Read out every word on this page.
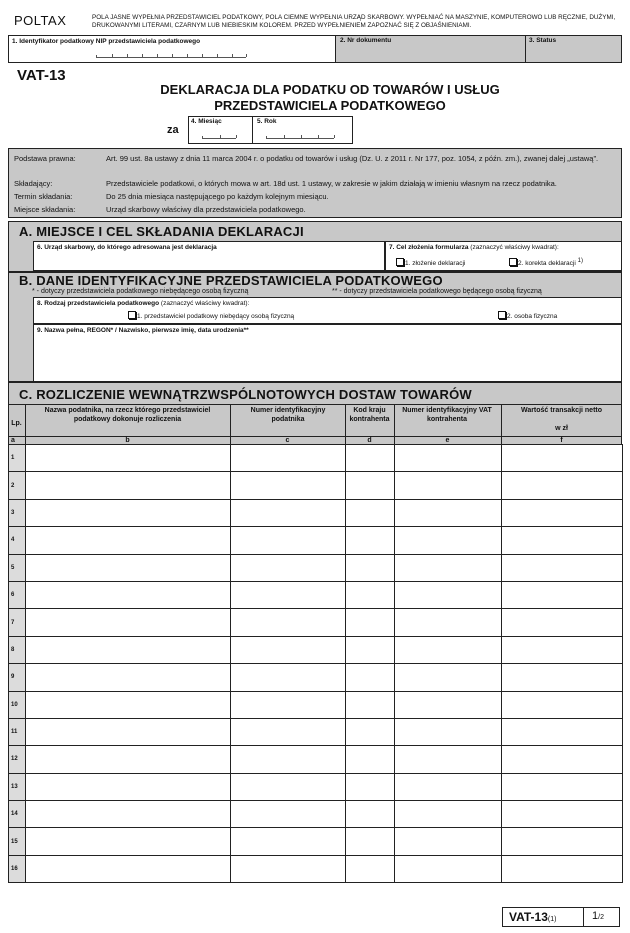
POLTAX	POLA JASNE WYPEŁNIA PRZEDSTAWICIEL PODATKOWY, POLA CIEMNE WYPEŁNIA URZĄD SKARBOWY. WYPEŁNIAĆ NA MASZYNIE, KOMPUTEROWO LUB RĘCZNIE, DUŻYMI, DRUKOWANYMI LITERAMI, CZARNYM LUB NIEBIESKIM KOLOREM. PRZED WYPEŁNIENIEM ZAPOZNAĆ SIĘ Z OBJAŚNIENIAMI.
1. Identyfikator podatkowy NIP przedstawiciela podatkowego	2. Nr dokumentu	3. Status
VAT-13
DEKLARACJA DLA PODATKU OD TOWARÓW I USŁUG
PRZEDSTAWICIELA PODATKOWEGO
za
4. Miesiąc	5. Rok
Podstawa prawna:	Art. 99 ust. 8a ustawy z dnia 11 marca 2004 r. o podatku od towarów i usług (Dz. U. z 2011 r. Nr 177, poz. 1054, z późn. zm.), zwanej dalej „ustawą”.
Składający:	Przedstawiciele podatkowi, o których mowa w art. 18d ust. 1 ustawy, w zakresie w jakim działają w imieniu własnym na rzecz podatnika.
Termin składania:	Do 25 dnia miesiąca następującego po każdym kolejnym miesiącu.
Miejsce składania:	Urząd skarbowy właściwy dla przedstawiciela podatkowego.
A. MIEJSCE I CEL SKŁADANIA DEKLARACJI
6. Urząd skarbowy, do którego adresowana jest deklaracja	7. Cel złożenia formularza (zaznaczyć właściwy kwadrat):
1. złożenie deklaracji	2. korekta deklaracji $^{1)}$
B. DANE IDENTYFIKACYJNE PRZEDSTAWICIELA PODATKOWEGO
* - dotyczy przedstawiciela podatkowego niebędącego osobą fizyczną	** - dotyczy przedstawiciela podatkowego będącego osobą fizyczną
8. Rodzaj przedstawiciela podatkowego (zaznaczyć właściwy kwadrat):
1. przedstawiciel podatkowy niebędący osobą fizyczną	2. osoba fizyczna
9. Nazwa pełna, REGON* / Nazwisko, pierwsze imię, data urodzenia**
C. ROZLICZENIE WEWNĄTRZWSPÓLNOTOWYCH DOSTAW TOWARÓW
Lp.
Nazwa podatnika, na rzecz którego przedstawiciel podatkowy dokonuje rozliczenia
Numer identyfikacyjny podatnika
Kod kraju kontrahenta
Numer identyfikacyjny VAT kontrahenta
Wartość transakcji netto
w zł
a	b	c	d	e	f
1					
2					
3					
4					
5					
6					
7					
8					
9					
10					
11					
12					
13					
14					
15					
16					
VAT-13(1)	1/2
